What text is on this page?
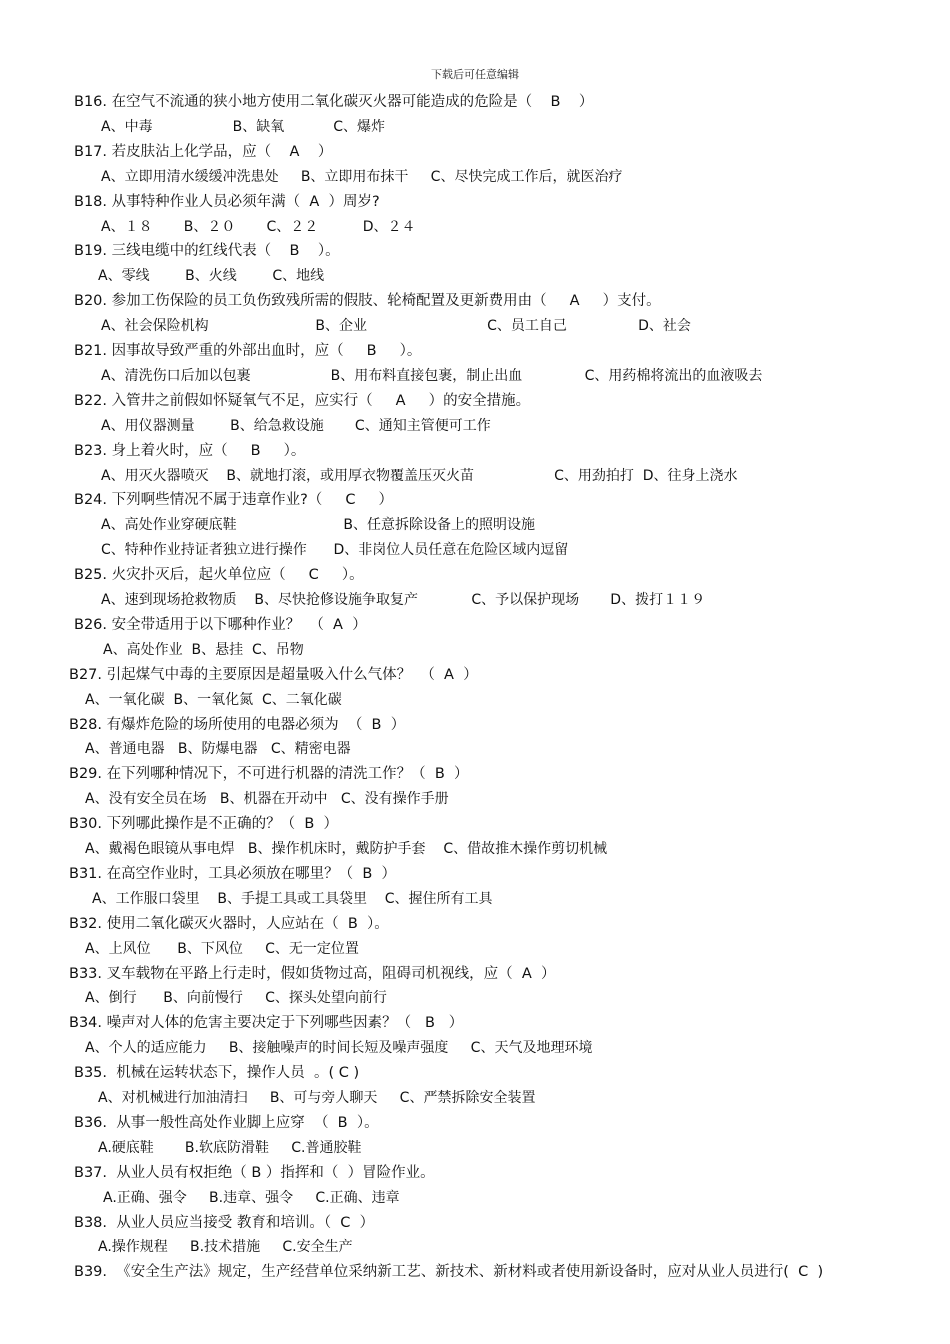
下载后可任意编辑
B16. 在空气不流通的狭小地方使用二氧化碳灭火器可能造成的危险是（    B    ）
A、中毒                  B、缺氧           C、爆炸
B17. 若皮肤沾上化学品，应（    A    ）
A、立即用清水缓缓冲洗患处     B、立即用布抹干     C、尽快完成工作后，就医治疗
B18. 从事特种作业人员必须年满（  A  ）周岁?
A、１８       B、２０       C、２２          D、２４
B19. 三线电缆中的红线代表（    B    ）。
A、零线        B、火线        C、地线
B20. 参加工伤保险的员工负伤致残所需的假肢、轮椅配置及更新费用由（     A     ）支付。
A、社会保险机构                        B、企业                           C、员工自己                D、社会
B21. 因事故导致严重的外部出血时，应（     B     ）。
A、清洗伤口后加以包裹                  B、用布料直接包裹，制止出血              C、用药棉将流出的血液吸去
B22. 入管井之前假如怀疑氧气不足，应实行（     A     ）的安全措施。
A、用仪器测量        B、给急救设施       C、通知主管便可工作
B23. 身上着火时，应（     B     ）。
A、用灭火器喷灭    B、就地打滚，或用厚衣物覆盖压灭火苗                  C、用劲拍打  D、往身上浇水
B24. 下列啊些情况不属于违章作业?（     C     ）
A、高处作业穿硬底鞋                        B、任意拆除设备上的照明设施
C、特种作业持证者独立进行操作      D、非岗位人员任意在危险区域内逗留
B25. 火灾扑灭后，起火单位应（     C     ）。
A、速到现场抢救物质    B、尽快抢修设施争取复产            C、予以保护现场       D、拨打１１９
B26. 安全带适用于以下哪种作业？  （  A  ）
A、高处作业  B、悬挂  C、吊物
B27. 引起煤气中毒的主要原因是超量吸入什么气体？  （  A  ）
A、一氧化碳  B、一氧化氮  C、二氧化碳
B28. 有爆炸危险的场所使用的电器必须为  （  B  ）
A、普通电器   B、防爆电器   C、精密电器
B29. 在下列哪种情况下，不可进行机器的清洗工作？（  B  ）
A、没有安全员在场   B、机器在开动中   C、没有操作手册
B30. 下列哪此操作是不正确的？（  B  ）
A、戴褐色眼镜从事电焊   B、操作机床时，戴防护手套    C、借故推木操作剪切机械
B31. 在高空作业时，工具必须放在哪里？（  B  ）
A、工作服口袋里    B、手提工具或工具袋里    C、握住所有工具
B32. 使用二氧化碳灭火器时，人应站在（  B  ）。
A、上风位      B、下风位     C、无一定位置
B33. 叉车载物在平路上行走时，假如货物过高，阻碍司机视线，应（  A  ）
A、倒行      B、向前慢行     C、探头处望向前行
B34. 噪声对人体的危害主要决定于下列哪些因素？（   B   ）
A、个人的适应能力     B、接触噪声的时间长短及噪声强度     C、天气及地理环境
B35.  机械在运转状态下，操作人员  。( C )
A、对机械进行加油清扫     B、可与旁人聊天     C、严禁拆除安全装置
B36.  从事一般性高处作业脚上应穿  （  B  ）。
A.硬底鞋       B.软底防滑鞋     C.普通胶鞋
B37.  从业人员有权拒绝（ B ）指挥和（  ）冒险作业。
A.正确、强令     B.违章、强令     C.正确、违章
B38.  从业人员应当接受 教育和培训。（  C  ）
A.操作规程     B.技术措施     C.安全生产
B39.  《安全生产法》规定，生产经营单位采纳新工艺、新技术、新材料或者使用新设备时，应对从业人员进行(  C  )
